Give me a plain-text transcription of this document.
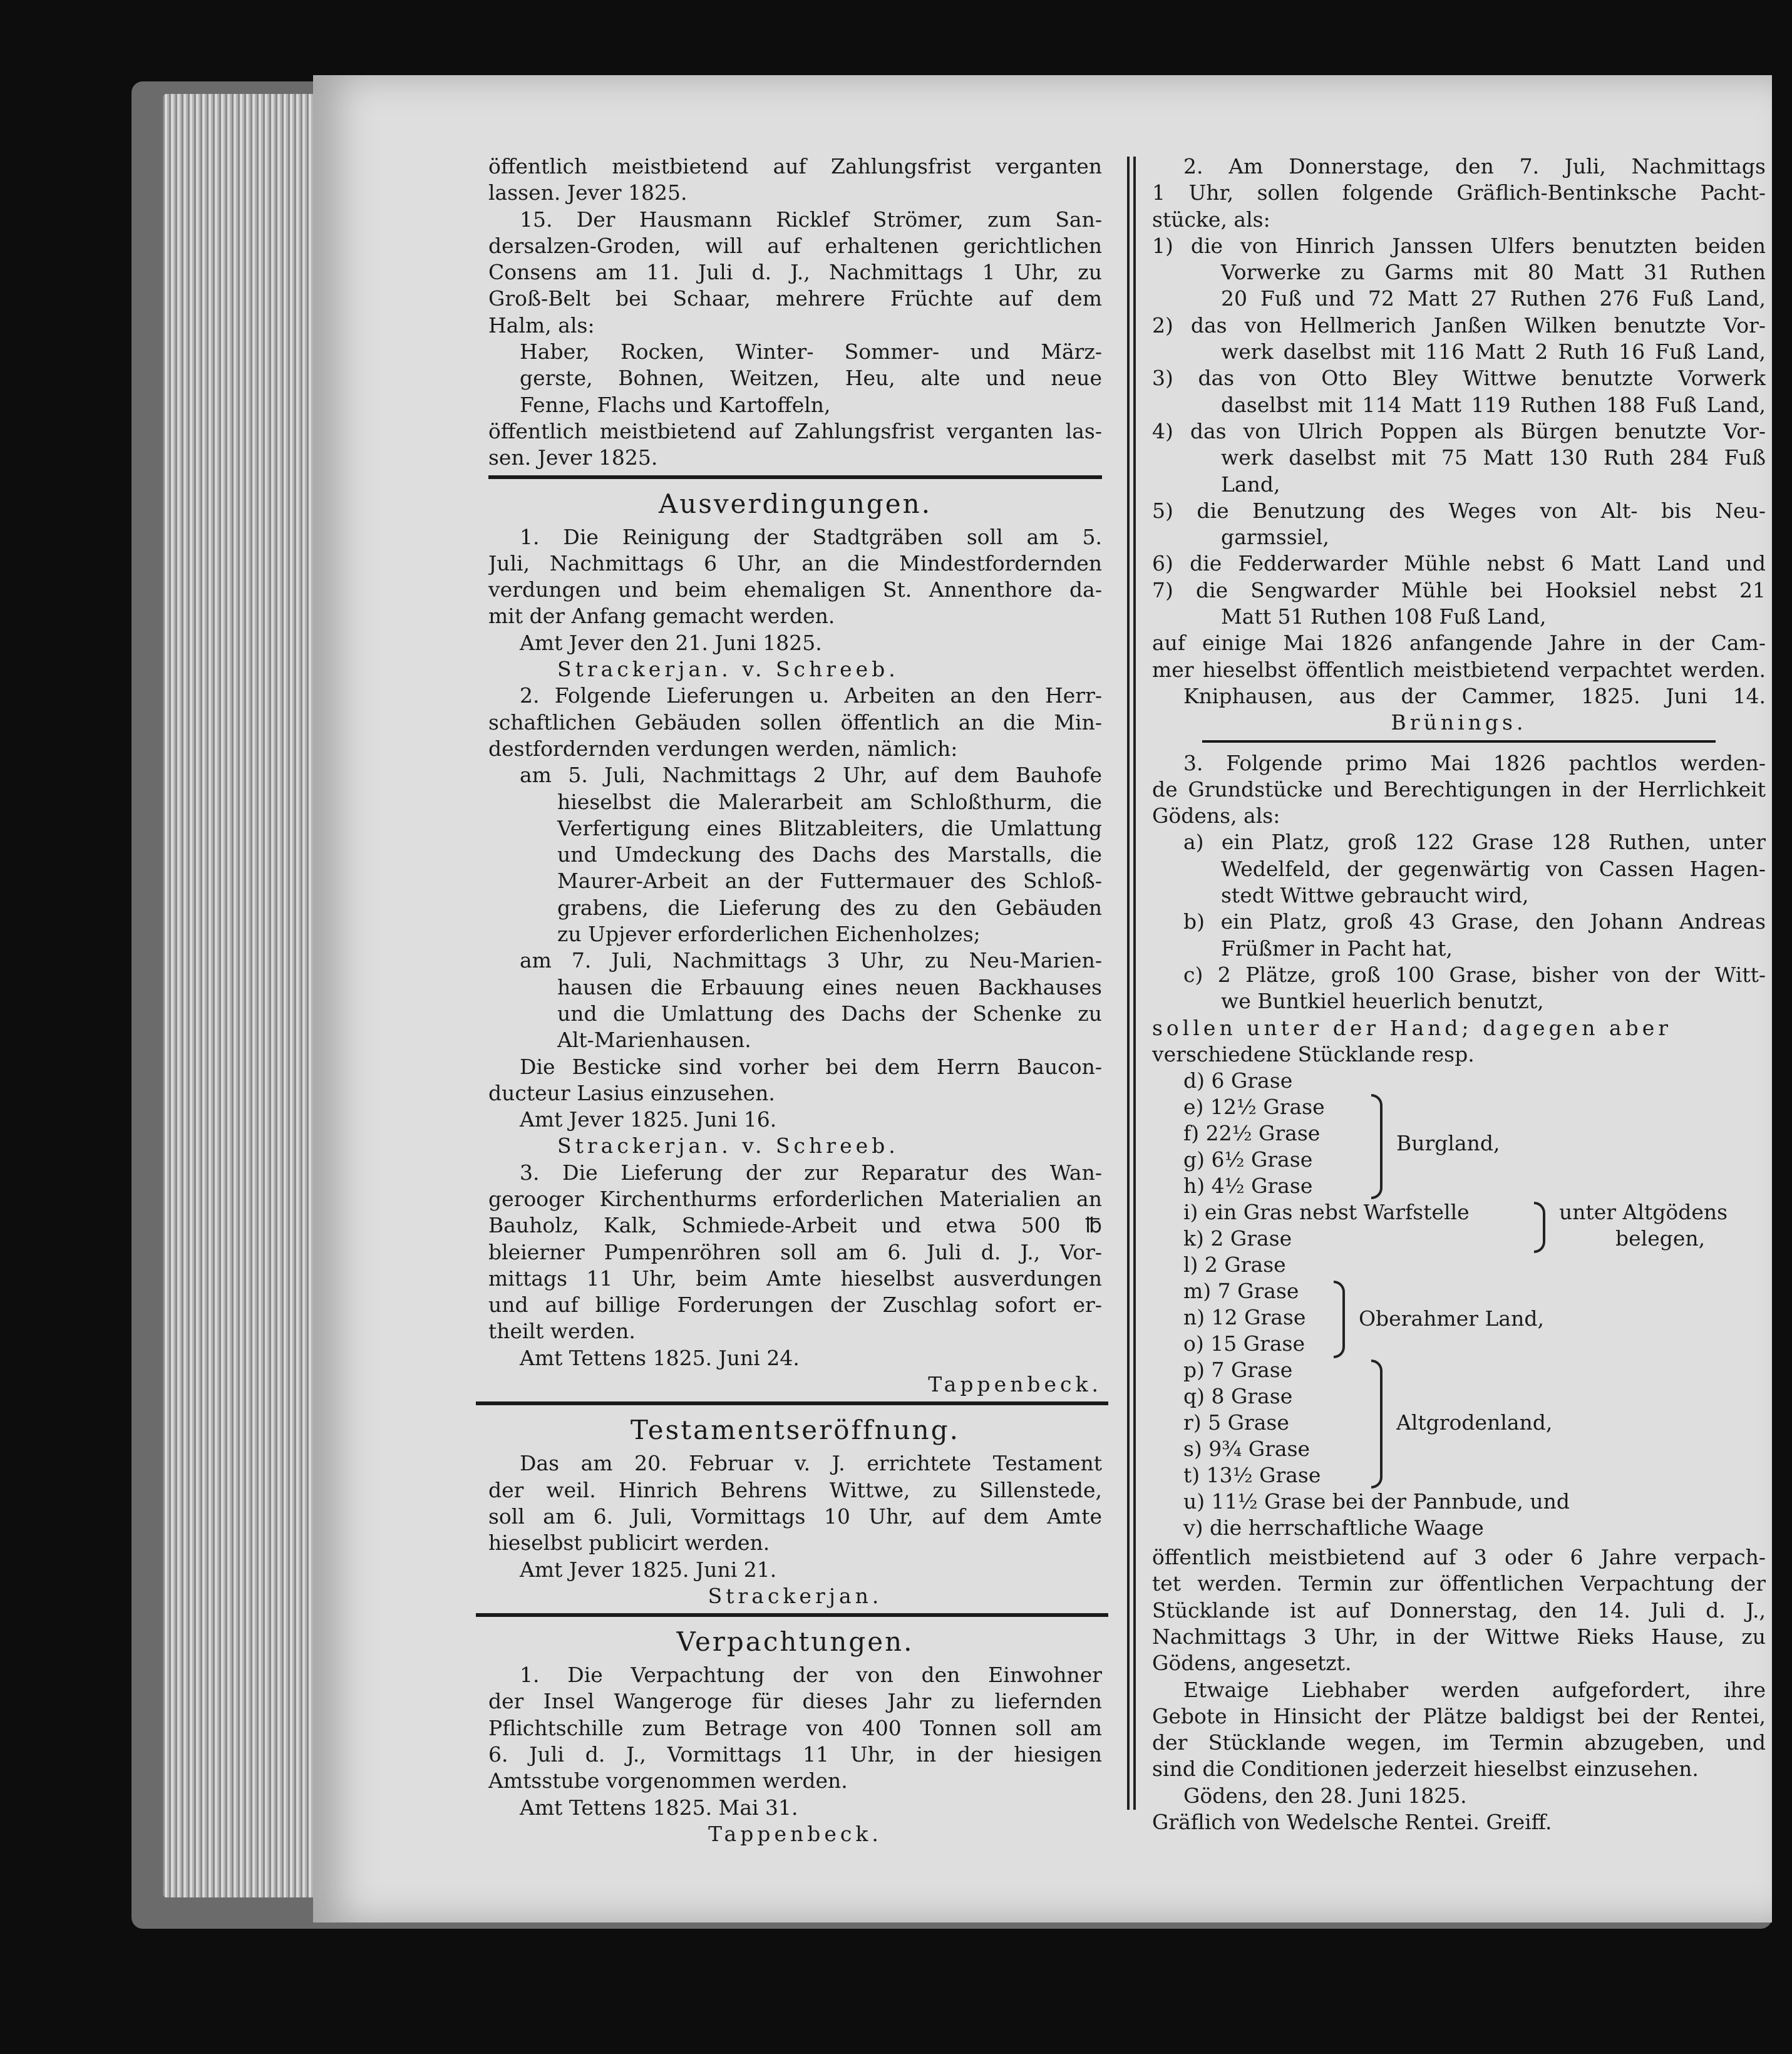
öffentlich meistbietend auf Zahlungsfrist verganten
lassen. Jever 1825.
15. Der Hausmann Ricklef Strömer, zum San-
dersalzen-Groden, will auf erhaltenen gerichtlichen
Consens am 11. Juli d. J., Nachmittags 1 Uhr, zu
Groß-Belt bei Schaar, mehrere Früchte auf dem
Halm, als:
Haber, Rocken, Winter- Sommer- und März-
gerste, Bohnen, Weitzen, Heu, alte und neue
Fenne, Flachs und Kartoffeln,
öffentlich meistbietend auf Zahlungsfrist verganten las-
sen. Jever 1825.
Ausverdingungen.
1. Die Reinigung der Stadtgräben soll am 5.
Juli, Nachmittags 6 Uhr, an die Mindestfordernden
verdungen und beim ehemaligen St. Annenthore da-
mit der Anfang gemacht werden.
Amt Jever den 21. Juni 1825.
Strackerjan. v. Schreeb.
2. Folgende Lieferungen u. Arbeiten an den Herr-
schaftlichen Gebäuden sollen öffentlich an die Min-
destfordernden verdungen werden, nämlich:
am 5. Juli, Nachmittags 2 Uhr, auf dem Bauhofe
hieselbst die Malerarbeit am Schloßthurm, die
Verfertigung eines Blitzableiters, die Umlattung
und Umdeckung des Dachs des Marstalls, die
Maurer-Arbeit an der Futtermauer des Schloß-
grabens, die Lieferung des zu den Gebäuden
zu Upjever erforderlichen Eichenholzes;
am 7. Juli, Nachmittags 3 Uhr, zu Neu-Marien-
hausen die Erbauung eines neuen Backhauses
und die Umlattung des Dachs der Schenke zu
Alt-Marienhausen.
Die Besticke sind vorher bei dem Herrn Baucon-
ducteur Lasius einzusehen.
Amt Jever 1825. Juni 16.
Strackerjan. v. Schreeb.
3. Die Lieferung der zur Reparatur des Wan-
gerooger Kirchenthurms erforderlichen Materialien an
Bauholz, Kalk, Schmiede-Arbeit und etwa 500 ℔
bleierner Pumpenröhren soll am 6. Juli d. J., Vor-
mittags 11 Uhr, beim Amte hieselbst ausverdungen
und auf billige Forderungen der Zuschlag sofort er-
theilt werden.
Amt Tettens 1825. Juni 24.
Tappenbeck.
Testamentseröffnung.
Das am 20. Februar v. J. errichtete Testament
der weil. Hinrich Behrens Wittwe, zu Sillenstede,
soll am 6. Juli, Vormittags 10 Uhr, auf dem Amte
hieselbst publicirt werden.
Amt Jever 1825. Juni 21.
Strackerjan.
Verpachtungen.
1. Die Verpachtung der von den Einwohner
der Insel Wangeroge für dieses Jahr zu liefernden
Pflichtschille zum Betrage von 400 Tonnen soll am
6. Juli d. J., Vormittags 11 Uhr, in der hiesigen
Amtsstube vorgenommen werden.
Amt Tettens 1825. Mai 31.
Tappenbeck.
2. Am Donnerstage, den 7. Juli, Nachmittags
1 Uhr, sollen folgende Gräflich-Bentinksche Pacht-
stücke, als:
1) die von Hinrich Janssen Ulfers benutzten beiden
Vorwerke zu Garms mit 80 Matt 31 Ruthen
20 Fuß und 72 Matt 27 Ruthen 276 Fuß Land,
2) das von Hellmerich Janßen Wilken benutzte Vor-
werk daselbst mit 116 Matt 2 Ruth 16 Fuß Land,
3) das von Otto Bley Wittwe benutzte Vorwerk
daselbst mit 114 Matt 119 Ruthen 188 Fuß Land,
4) das von Ulrich Poppen als Bürgen benutzte Vor-
werk daselbst mit 75 Matt 130 Ruth 284 Fuß
Land,
5) die Benutzung des Weges von Alt- bis Neu-
garmssiel,
6) die Fedderwarder Mühle nebst 6 Matt Land und
7) die Sengwarder Mühle bei Hooksiel nebst 21
Matt 51 Ruthen 108 Fuß Land,
auf einige Mai 1826 anfangende Jahre in der Cam-
mer hieselbst öffentlich meistbietend verpachtet werden.
Kniphausen, aus der Cammer, 1825. Juni 14.
Brünings.
3. Folgende primo Mai 1826 pachtlos werden-
de Grundstücke und Berechtigungen in der Herrlichkeit
Gödens, als:
a) ein Platz, groß 122 Grase 128 Ruthen, unter
Wedelfeld, der gegenwärtig von Cassen Hagen-
stedt Wittwe gebraucht wird,
b) ein Platz, groß 43 Grase, den Johann Andreas
Früßmer in Pacht hat,
c) 2 Plätze, groß 100 Grase, bisher von der Witt-
we Buntkiel heuerlich benutzt,
sollen unter der Hand; dagegen aber
verschiedene Stücklande resp.
d) 6 Grase
e) 12½ Grase
f) 22½ Grase
g) 6½ Grase
h) 4½ Grase
i) ein Gras nebst Warfstelle
k) 2 Grase
l) 2 Grase
m) 7 Grase
n) 12 Grase
o) 15 Grase
p) 7 Grase
q) 8 Grase
r) 5 Grase
s) 9¾ Grase
t) 13½ Grase
u) 11½ Grase bei der Pannbude, und
v) die herrschaftliche Waage
Burgland,
unter Altgödens
belegen,
Oberahmer Land,
Altgrodenland,
öffentlich meistbietend auf 3 oder 6 Jahre verpach-
tet werden. Termin zur öffentlichen Verpachtung der
Stücklande ist auf Donnerstag, den 14. Juli d. J.,
Nachmittags 3 Uhr, in der Wittwe Rieks Hause, zu
Gödens, angesetzt.
Etwaige Liebhaber werden aufgefordert, ihre
Gebote in Hinsicht der Plätze baldigst bei der Rentei,
der Stücklande wegen, im Termin abzugeben, und
sind die Conditionen jederzeit hieselbst einzusehen.
Gödens, den 28. Juni 1825.
Gräflich von Wedelsche Rentei. Greiff.
